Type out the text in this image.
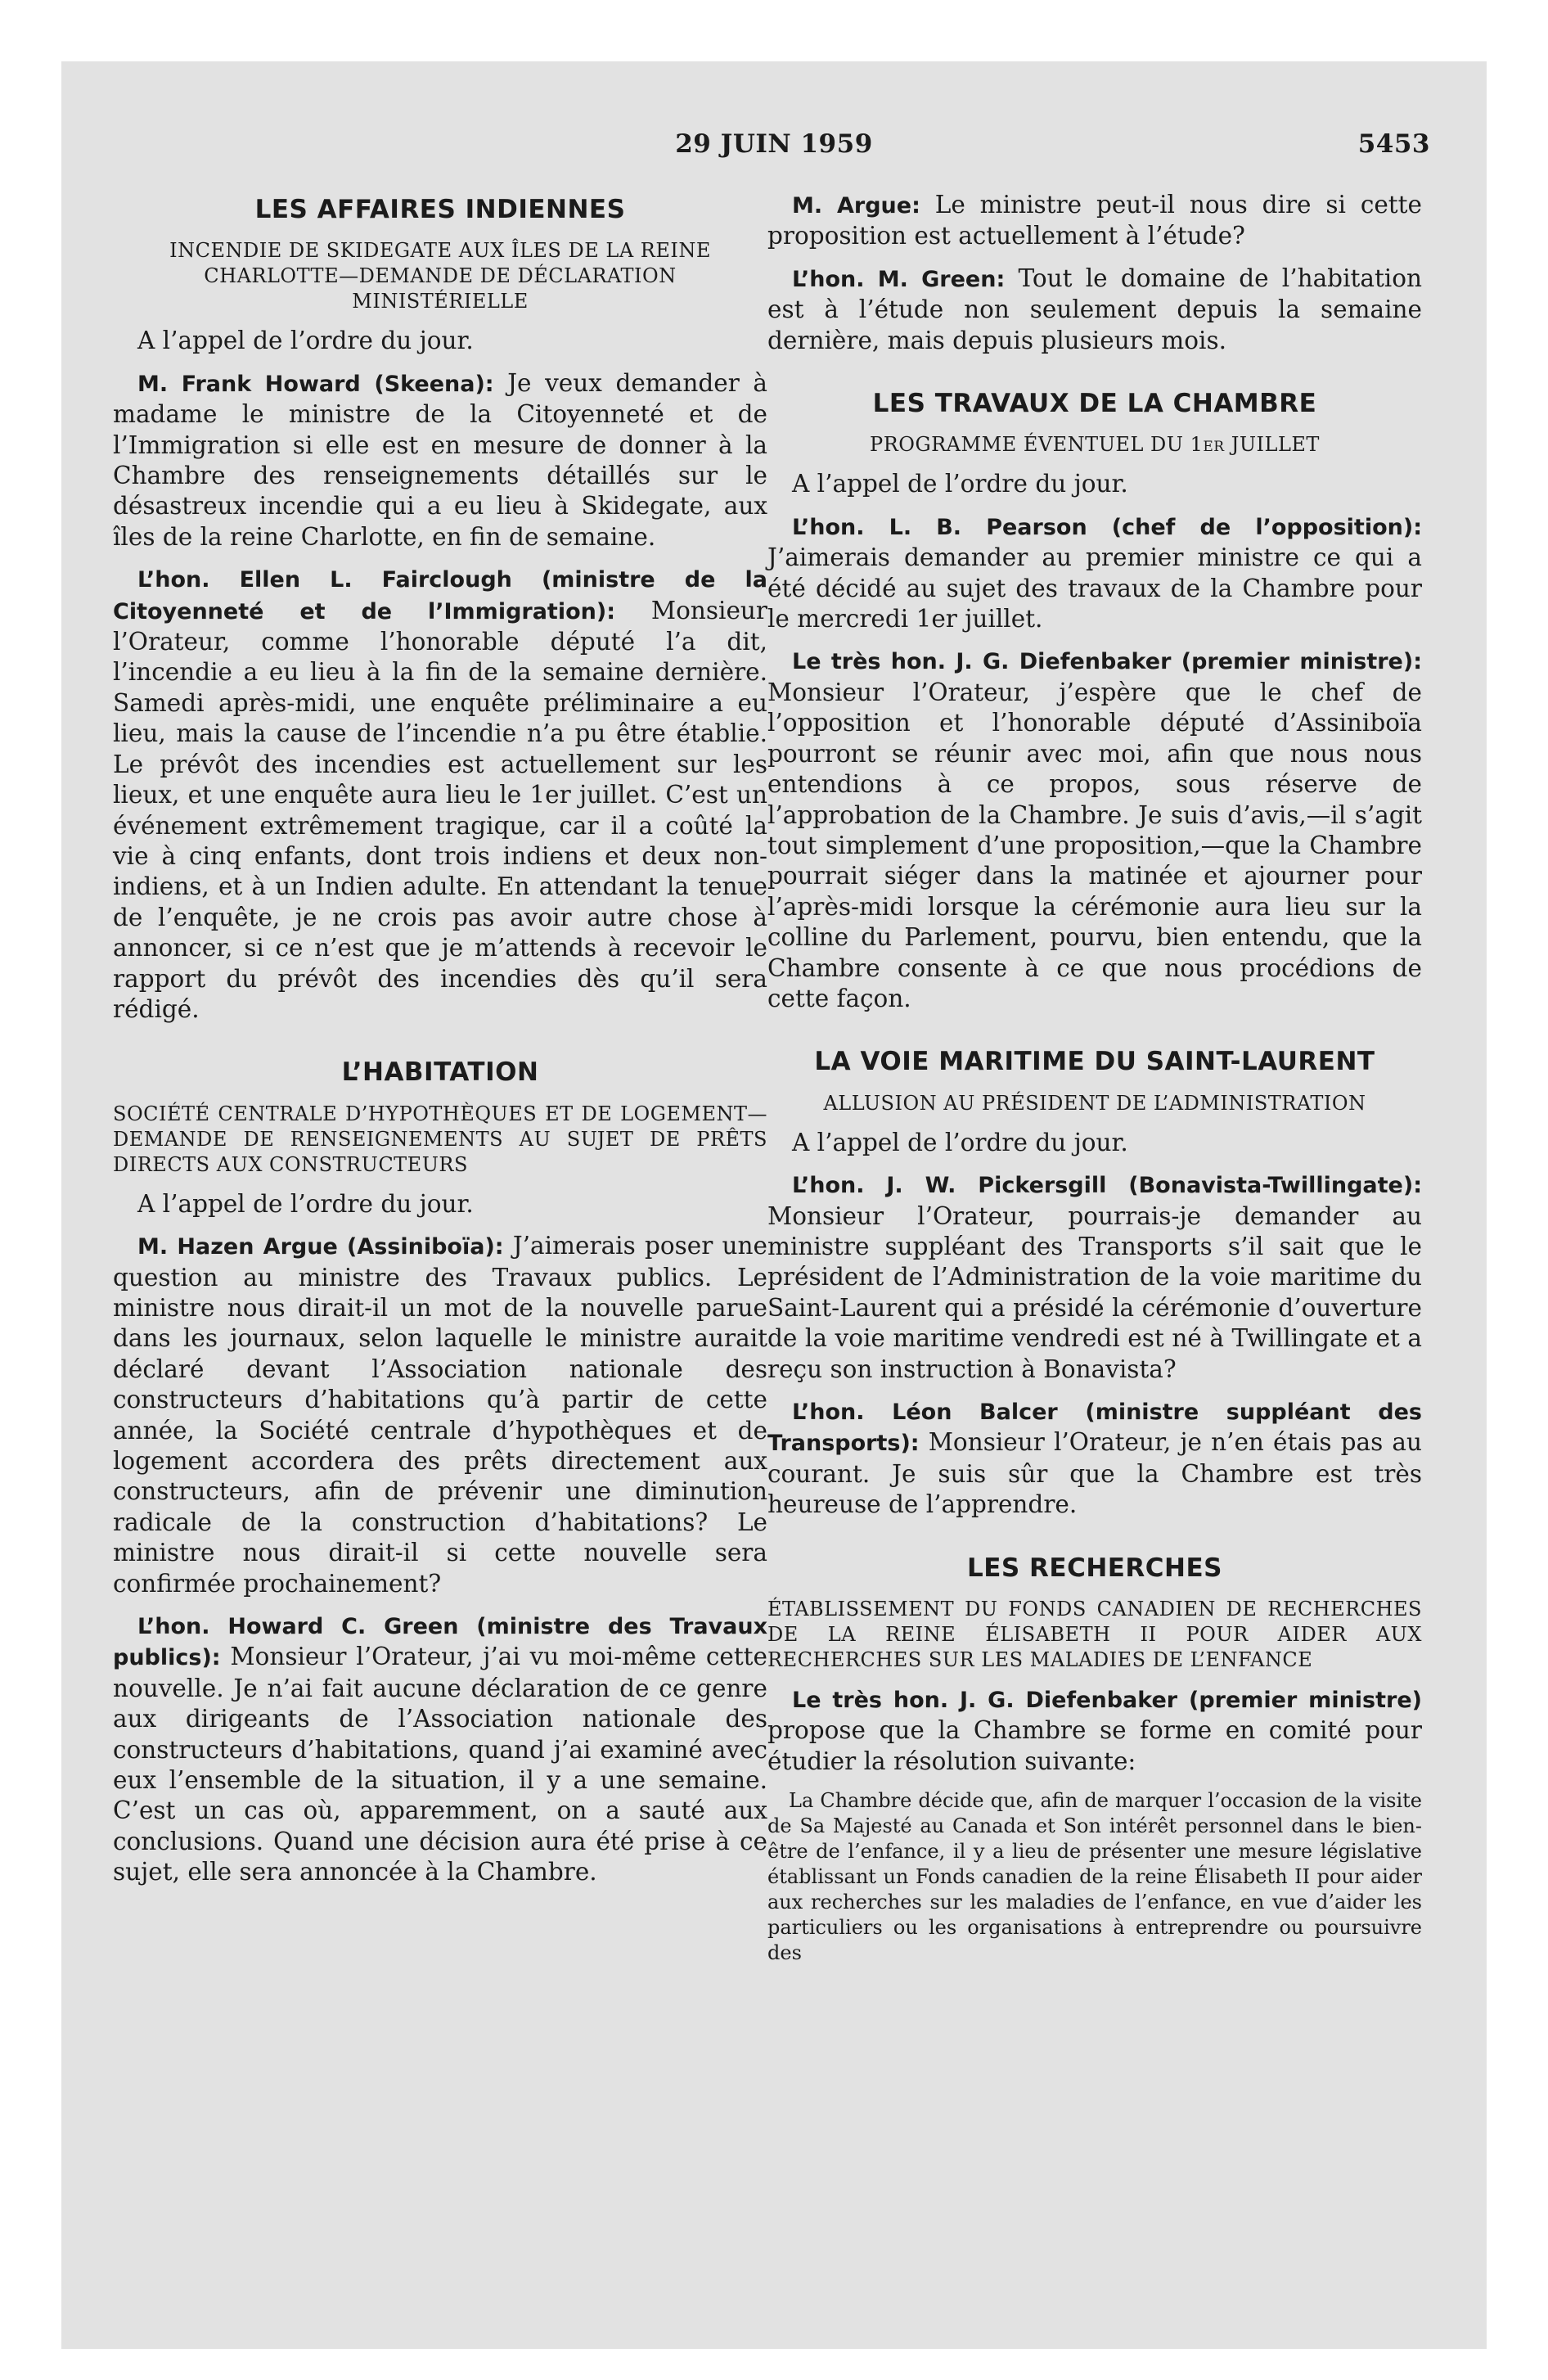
29 JUIN 1959	5453
LES AFFAIRES INDIENNES
INCENDIE DE SKIDEGATE AUX ÎLES DE LA REINE CHARLOTTE—DEMANDE DE DÉCLARATION MINISTÉRIELLE

A l’appel de l’ordre du jour.

M. Frank Howard (Skeena): Je veux demander à madame le ministre de la Citoyenneté et de l’Immigration si elle est en mesure de donner à la Chambre des renseignements détaillés sur le désastreux incendie qui a eu lieu à Skidegate, aux îles de la reine Charlotte, en fin de semaine.

L’hon. Ellen L. Fairclough (ministre de la Citoyenneté et de l’Immigration): Monsieur l’Orateur, comme l’honorable député l’a dit, l’incendie a eu lieu à la fin de la semaine dernière. Samedi après-midi, une enquête préliminaire a eu lieu, mais la cause de l’incendie n’a pu être établie. Le prévôt des incendies est actuellement sur les lieux, et une enquête aura lieu le 1er juillet. C’est un événement extrêmement tragique, car il a coûté la vie à cinq enfants, dont trois indiens et deux non-indiens, et à un Indien adulte. En attendant la tenue de l’enquête, je ne crois pas avoir autre chose à annoncer, si ce n’est que je m’attends à recevoir le rapport du prévôt des incendies dès qu’il sera rédigé.

L’HABITATION
SOCIÉTÉ CENTRALE D’HYPOTHÈQUES ET DE LOGEMENT—DEMANDE DE RENSEIGNEMENTS AU SUJET DE PRÊTS DIRECTS AUX CONSTRUCTEURS

A l’appel de l’ordre du jour.

M. Hazen Argue (Assiniboïa): J’aimerais poser une question au ministre des Travaux publics. Le ministre nous dirait-il un mot de la nouvelle parue dans les journaux, selon laquelle le ministre aurait déclaré devant l’Association nationale des constructeurs d’habitations qu’à partir de cette année, la Société centrale d’hypothèques et de logement accordera des prêts directement aux constructeurs, afin de prévenir une diminution radicale de la construction d’habitations? Le ministre nous dirait-il si cette nouvelle sera confirmée prochainement?

L’hon. Howard C. Green (ministre des Travaux publics): Monsieur l’Orateur, j’ai vu moi-même cette nouvelle. Je n’ai fait aucune déclaration de ce genre aux dirigeants de l’Association nationale des constructeurs d’habitations, quand j’ai examiné avec eux l’ensemble de la situation, il y a une semaine. C’est un cas où, apparemment, on a sauté aux conclusions. Quand une décision aura été prise à ce sujet, elle sera annoncée à la Chambre.

M. Argue: Le ministre peut-il nous dire si cette proposition est actuellement à l’étude?

L’hon. M. Green: Tout le domaine de l’habitation est à l’étude non seulement depuis la semaine dernière, mais depuis plusieurs mois.

LES TRAVAUX DE LA CHAMBRE
PROGRAMME ÉVENTUEL DU 1er JUILLET

A l’appel de l’ordre du jour.

L’hon. L. B. Pearson (chef de l’opposition): J’aimerais demander au premier ministre ce qui a été décidé au sujet des travaux de la Chambre pour le mercredi 1er juillet.

Le très hon. J. G. Diefenbaker (premier ministre): Monsieur l’Orateur, j’espère que le chef de l’opposition et l’honorable député d’Assiniboïa pourront se réunir avec moi, afin que nous nous entendions à ce propos, sous réserve de l’approbation de la Chambre. Je suis d’avis,—il s’agit tout simplement d’une proposition,—que la Chambre pourrait siéger dans la matinée et ajourner pour l’après-midi lorsque la cérémonie aura lieu sur la colline du Parlement, pourvu, bien entendu, que la Chambre consente à ce que nous procédions de cette façon.

LA VOIE MARITIME DU SAINT-LAURENT
ALLUSION AU PRÉSIDENT DE L’ADMINISTRATION

A l’appel de l’ordre du jour.

L’hon. J. W. Pickersgill (Bonavista-Twillingate): Monsieur l’Orateur, pourrais-je demander au ministre suppléant des Transports s’il sait que le président de l’Administration de la voie maritime du Saint-Laurent qui a présidé la cérémonie d’ouverture de la voie maritime vendredi est né à Twillingate et a reçu son instruction à Bonavista?

L’hon. Léon Balcer (ministre suppléant des Transports): Monsieur l’Orateur, je n’en étais pas au courant. Je suis sûr que la Chambre est très heureuse de l’apprendre.

LES RECHERCHES
ÉTABLISSEMENT DU FONDS CANADIEN DE RECHERCHES DE LA REINE ÉLISABETH II POUR AIDER AUX RECHERCHES SUR LES MALADIES DE L’ENFANCE

Le très hon. J. G. Diefenbaker (premier ministre) propose que la Chambre se forme en comité pour étudier la résolution suivante:

La Chambre décide que, afin de marquer l’occasion de la visite de Sa Majesté au Canada et Son intérêt personnel dans le bien-être de l’enfance, il y a lieu de présenter une mesure législative établissant un Fonds canadien de la reine Élisabeth II pour aider aux recherches sur les maladies de l’enfance, en vue d’aider les particuliers ou les organisations à entreprendre ou poursuivre des
